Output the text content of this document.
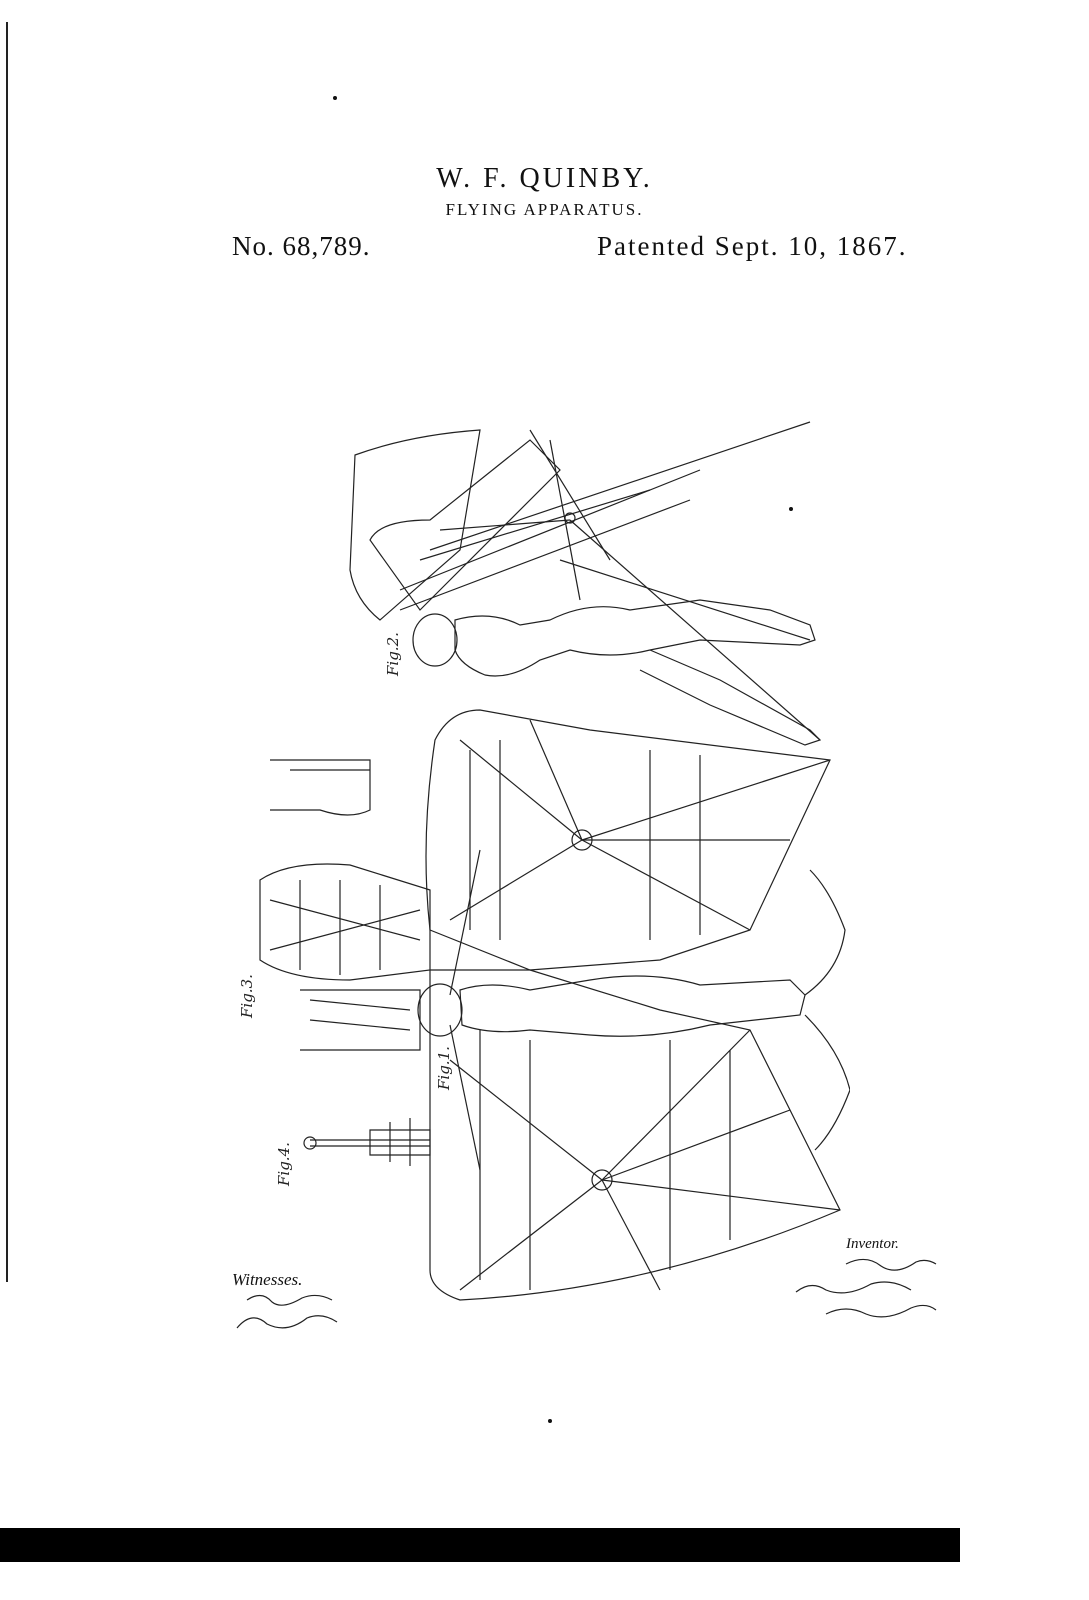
W. F. QUINBY.
FLYING APPARATUS.
No. 68,789.	Patented Sept. 10, 1867.
Fig.2.
Fig.1.
Fig.3.
Fig.4.
Witnesses.
Inventor.
